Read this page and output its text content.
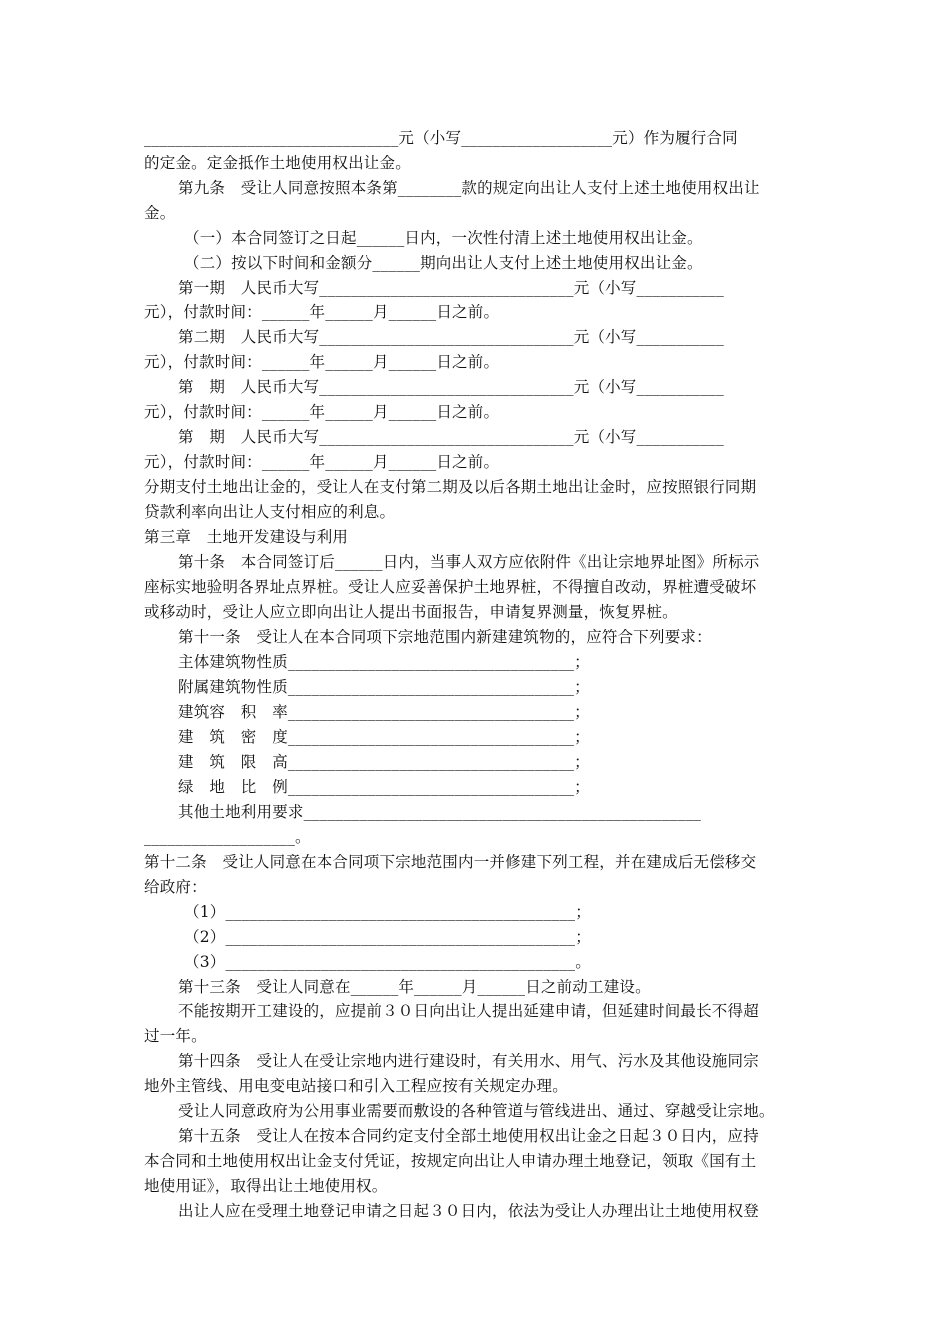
________________________________元（小写___________________元）作为履行合同
的定金。定金抵作土地使用权出让金。
第九条　受让人同意按照本条第________款的规定向出让人支付上述土地使用权出让
金。
（一）本合同签订之日起______日内，一次性付清上述土地使用权出让金。
（二）按以下时间和金额分______期向出让人支付上述土地使用权出让金。
第一期　人民币大写________________________________元（小写___________
元），付款时间：______年______月______日之前。
第二期　人民币大写________________________________元（小写___________
元），付款时间：______年______月______日之前。
第　期　人民币大写________________________________元（小写___________
元），付款时间：______年______月______日之前。
第　期　人民币大写________________________________元（小写___________
元），付款时间：______年______月______日之前。
分期支付土地出让金的，受让人在支付第二期及以后各期土地出让金时，应按照银行同期
贷款利率向出让人支付相应的利息。
第三章　土地开发建设与利用
第十条　本合同签订后______日内，当事人双方应依附件《出让宗地界址图》所标示
座标实地验明各界址点界桩。受让人应妥善保护土地界桩，不得擅自改动，界桩遭受破坏
或移动时，受让人应立即向出让人提出书面报告，申请复界测量，恢复界桩。
第十一条　受让人在本合同项下宗地范围内新建建筑物的，应符合下列要求：
主体建筑物性质____________________________________；
附属建筑物性质____________________________________；
建筑容　积　率____________________________________；
建　筑　密　度____________________________________；
建　筑　限　高____________________________________；
绿　地　比　例____________________________________；
其他土地利用要求__________________________________________________
___________________。
第十二条　受让人同意在本合同项下宗地范围内一并修建下列工程，并在建成后无偿移交
给政府：
（1）____________________________________________；
（2）____________________________________________；
（3）____________________________________________。
第十三条　受让人同意在______年______月______日之前动工建设。
不能按期开工建设的，应提前３０日向出让人提出延建申请，但延建时间最长不得超
过一年。
第十四条　受让人在受让宗地内进行建设时，有关用水、用气、污水及其他设施同宗
地外主管线、用电变电站接口和引入工程应按有关规定办理。
受让人同意政府为公用事业需要而敷设的各种管道与管线进出、通过、穿越受让宗地。
第十五条　受让人在按本合同约定支付全部土地使用权出让金之日起３０日内，应持
本合同和土地使用权出让金支付凭证，按规定向出让人申请办理土地登记，领取《国有土
地使用证》，取得出让土地使用权。
出让人应在受理土地登记申请之日起３０日内，依法为受让人办理出让土地使用权登
